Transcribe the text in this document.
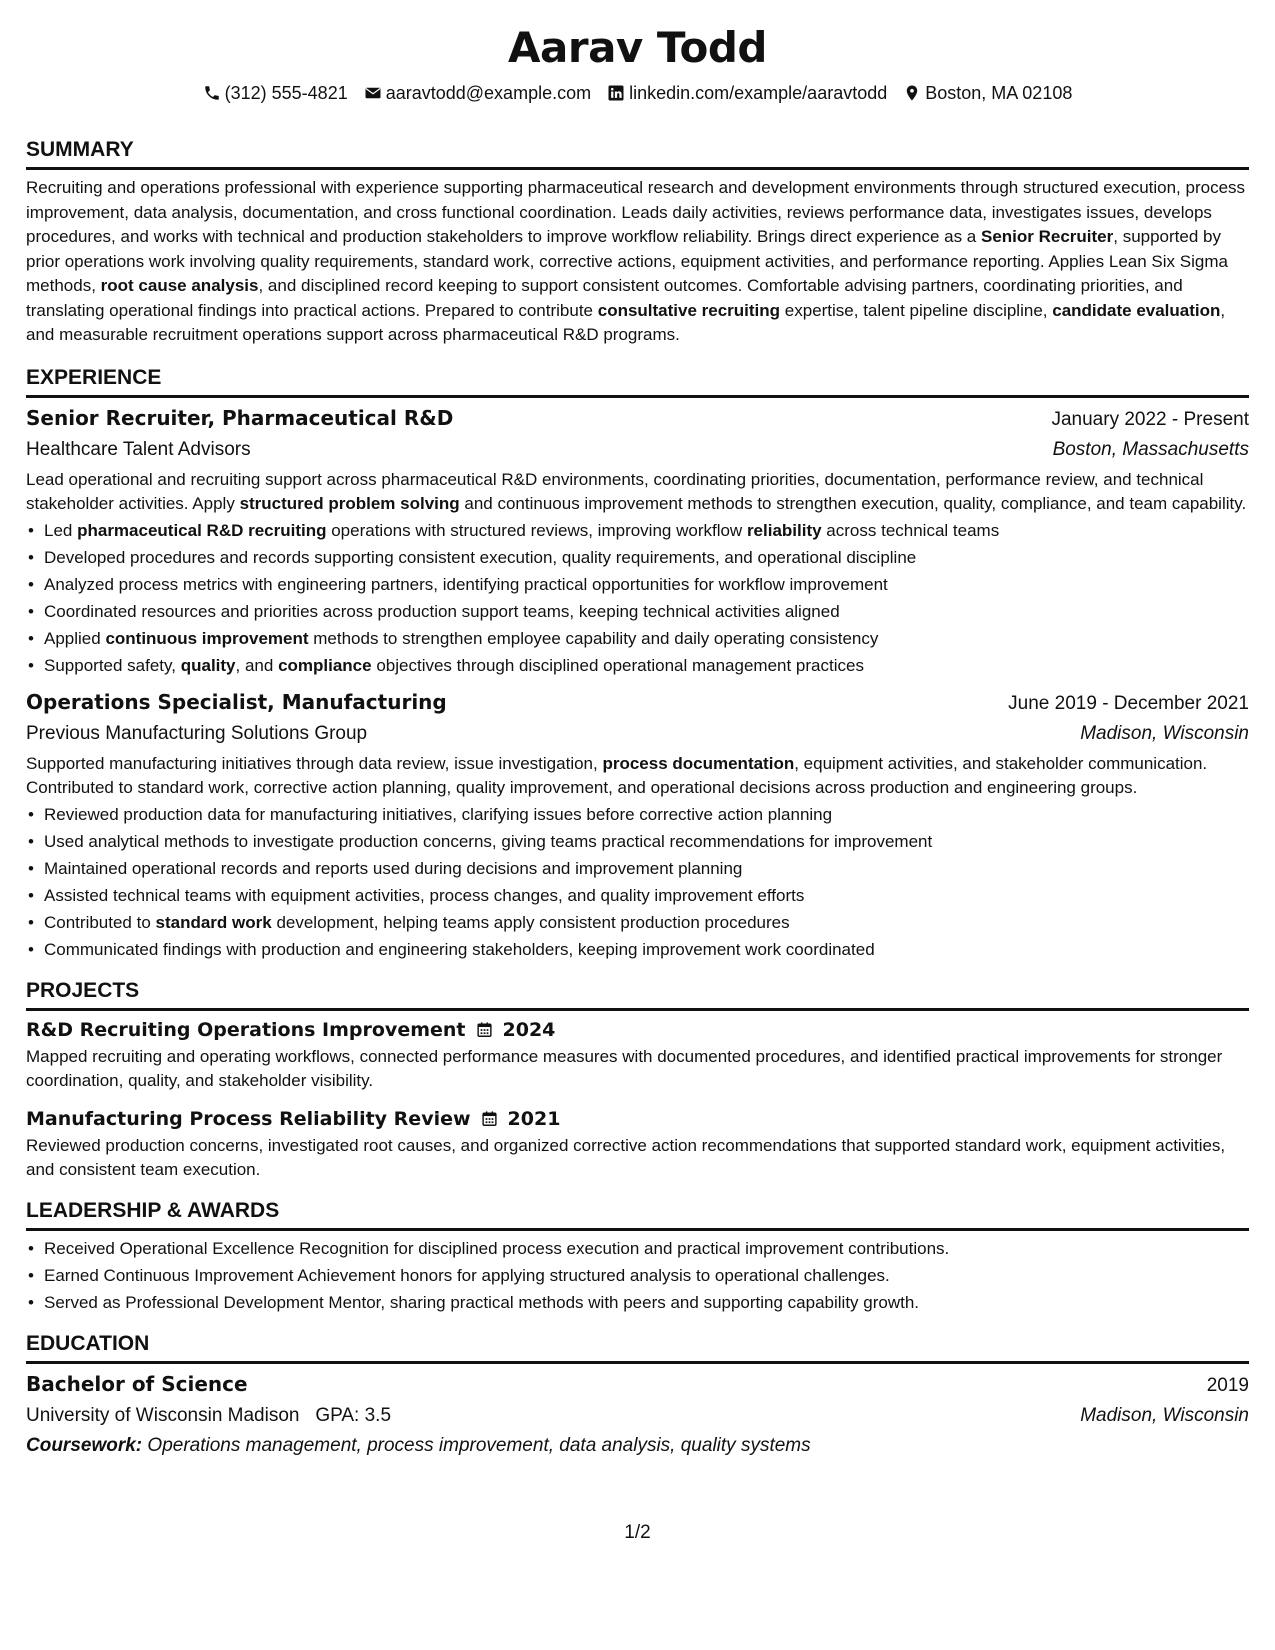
Aarav Todd
(312) 555-4821 aaravtodd@example.com linkedin.com/example/aaravtodd Boston, MA 02108
SUMMARY

Recruiting and operations professional with experience supporting pharmaceutical research and development environments through structured execution, process improvement, data analysis, documentation, and cross functional coordination. Leads daily activities, reviews performance data, investigates issues, develops procedures, and works with technical and production stakeholders to improve workflow reliability. Brings direct experience as a Senior Recruiter, supported by prior operations work involving quality requirements, standard work, corrective actions, equipment activities, and performance reporting. Applies Lean Six Sigma methods, root cause analysis, and disciplined record keeping to support consistent outcomes. Comfortable advising partners, coordinating priorities, and translating operational findings into practical actions. Prepared to contribute consultative recruiting expertise, talent pipeline discipline, candidate evaluation, and measurable recruitment operations support across pharmaceutical R&D programs.

EXPERIENCE
Senior Recruiter, Pharmaceutical R&D	January 2022 - Present
Healthcare Talent Advisors	Boston, Massachusetts

Lead operational and recruiting support across pharmaceutical R&D environments, coordinating priorities, documentation, performance review, and technical stakeholder activities. Apply structured problem solving and continuous improvement methods to strengthen execution, quality, compliance, and team capability.

• Led pharmaceutical R&D recruiting operations with structured reviews, improving workflow reliability across technical teams
• Developed procedures and records supporting consistent execution, quality requirements, and operational discipline
• Analyzed process metrics with engineering partners, identifying practical opportunities for workflow improvement
• Coordinated resources and priorities across production support teams, keeping technical activities aligned
• Applied continuous improvement methods to strengthen employee capability and daily operating consistency
• Supported safety, quality, and compliance objectives through disciplined operational management practices
Operations Specialist, Manufacturing	June 2019 - December 2021
Previous Manufacturing Solutions Group	Madison, Wisconsin

Supported manufacturing initiatives through data review, issue investigation, process documentation, equipment activities, and stakeholder communication. Contributed to standard work, corrective action planning, quality improvement, and operational decisions across production and engineering groups.

• Reviewed production data for manufacturing initiatives, clarifying issues before corrective action planning
• Used analytical methods to investigate production concerns, giving teams practical recommendations for improvement
• Maintained operational records and reports used during decisions and improvement planning
• Assisted technical teams with equipment activities, process changes, and quality improvement efforts
• Contributed to standard work development, helping teams apply consistent production procedures
• Communicated findings with production and engineering stakeholders, keeping improvement work coordinated
PROJECTS
R&D Recruiting Operations Improvement 2024

Mapped recruiting and operating workflows, connected performance measures with documented procedures, and identified practical improvements for stronger coordination, quality, and stakeholder visibility.

Manufacturing Process Reliability Review 2021

Reviewed production concerns, investigated root causes, and organized corrective action recommendations that supported standard work, equipment activities, and consistent team execution.

LEADERSHIP & AWARDS
• Received Operational Excellence Recognition for disciplined process execution and practical improvement contributions.
• Earned Continuous Improvement Achievement honors for applying structured analysis to operational challenges.
• Served as Professional Development Mentor, sharing practical methods with peers and supporting capability growth.
EDUCATION
Bachelor of Science	2019
University of Wisconsin Madison GPA: 3.5	Madison, Wisconsin
Coursework: Operations management, process improvement, data analysis, quality systems
1/2
